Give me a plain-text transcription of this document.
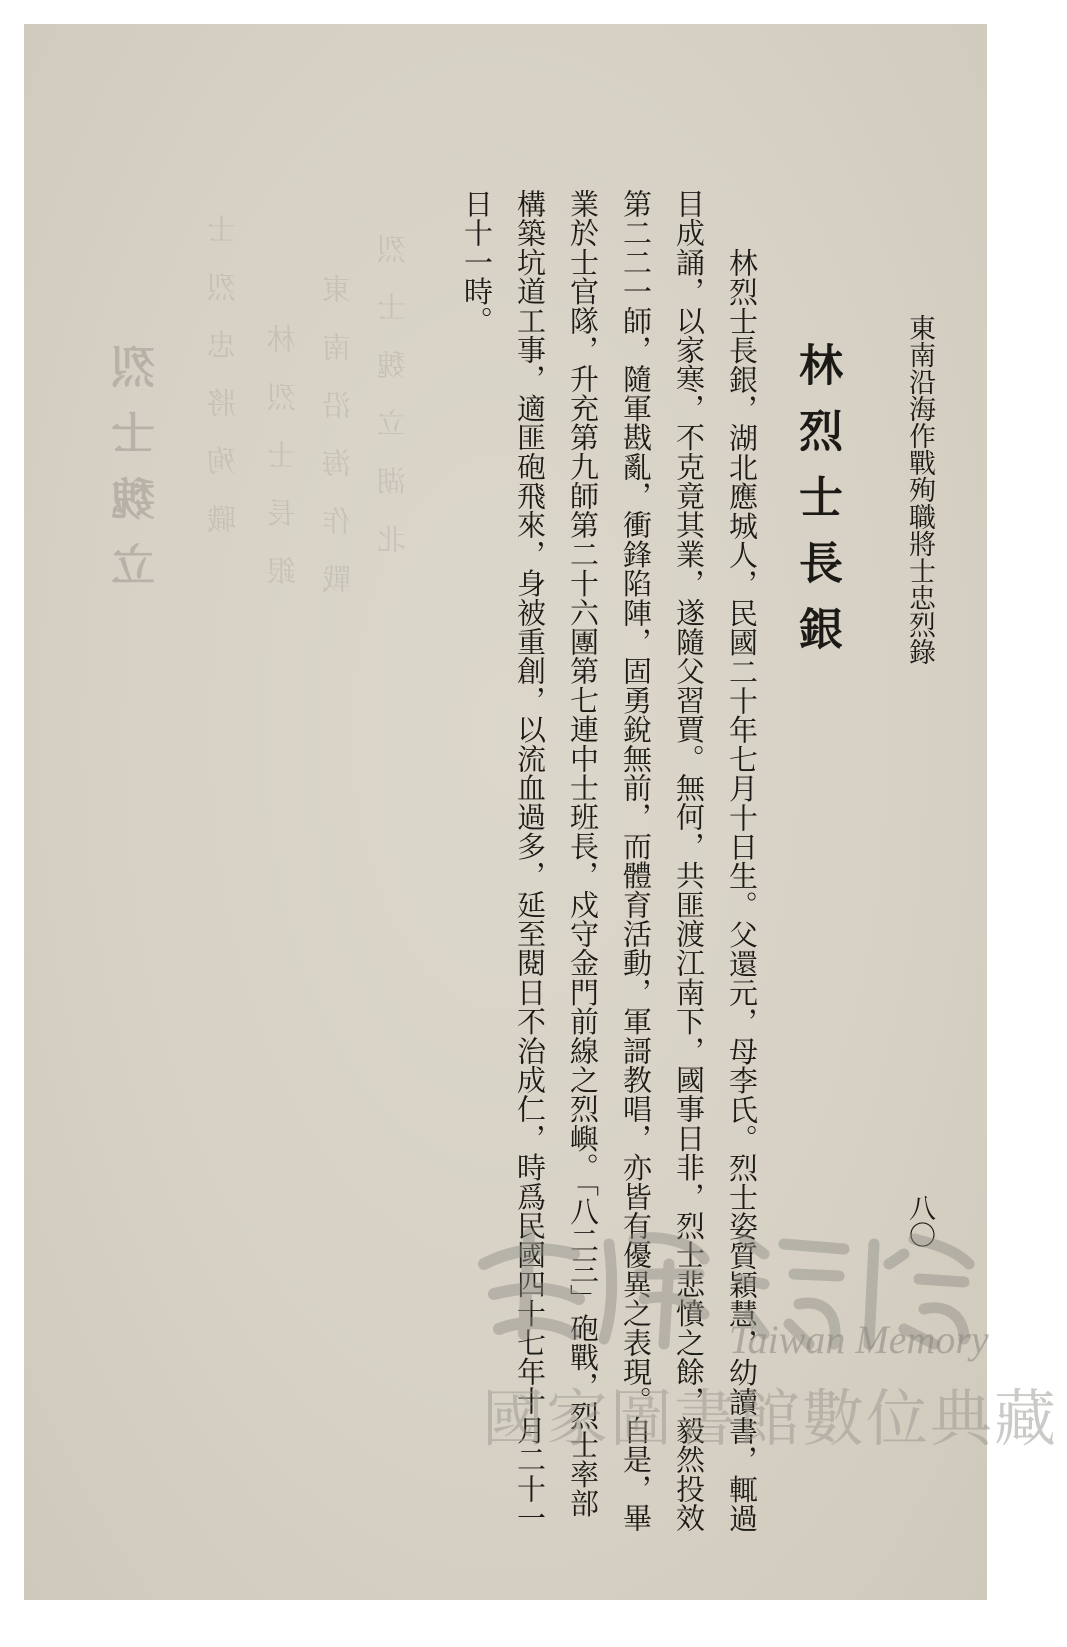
烈士魏立 士　烈　忠　將　殉　職 林　烈　士　長　銀 東　南　沿　海　作　戰 烈　士　魏　立　湖　北	東南沿海作戰殉職將士忠烈錄
八〇
林烈士長銀
林烈士長銀，湖北應城人，民國二十年七月十日生。父還元，母李氏。烈士姿質穎慧，幼讀書，輒過
目成誦，以家寒，不克竟其業，遂隨父習賈。無何，共匪渡江南下，國事日非，烈士悲憤之餘，毅然投效
第二二一師，隨軍戡亂，衝鋒陷陣，固勇銳無前，而體育活動，軍謌教唱，亦皆有優異之表現。自是，畢
業於士官隊，升充第九師第二十六團第七連中士班長，戍守金門前線之烈嶼。「八二三」砲戰，烈士率部
構築坑道工事，適匪砲飛來，身被重創，以流血過多，延至閱日不治成仁，時爲民國四十七年十月二十一
日十一時。
Taiwan Memory
國家圖書館數位典藏
